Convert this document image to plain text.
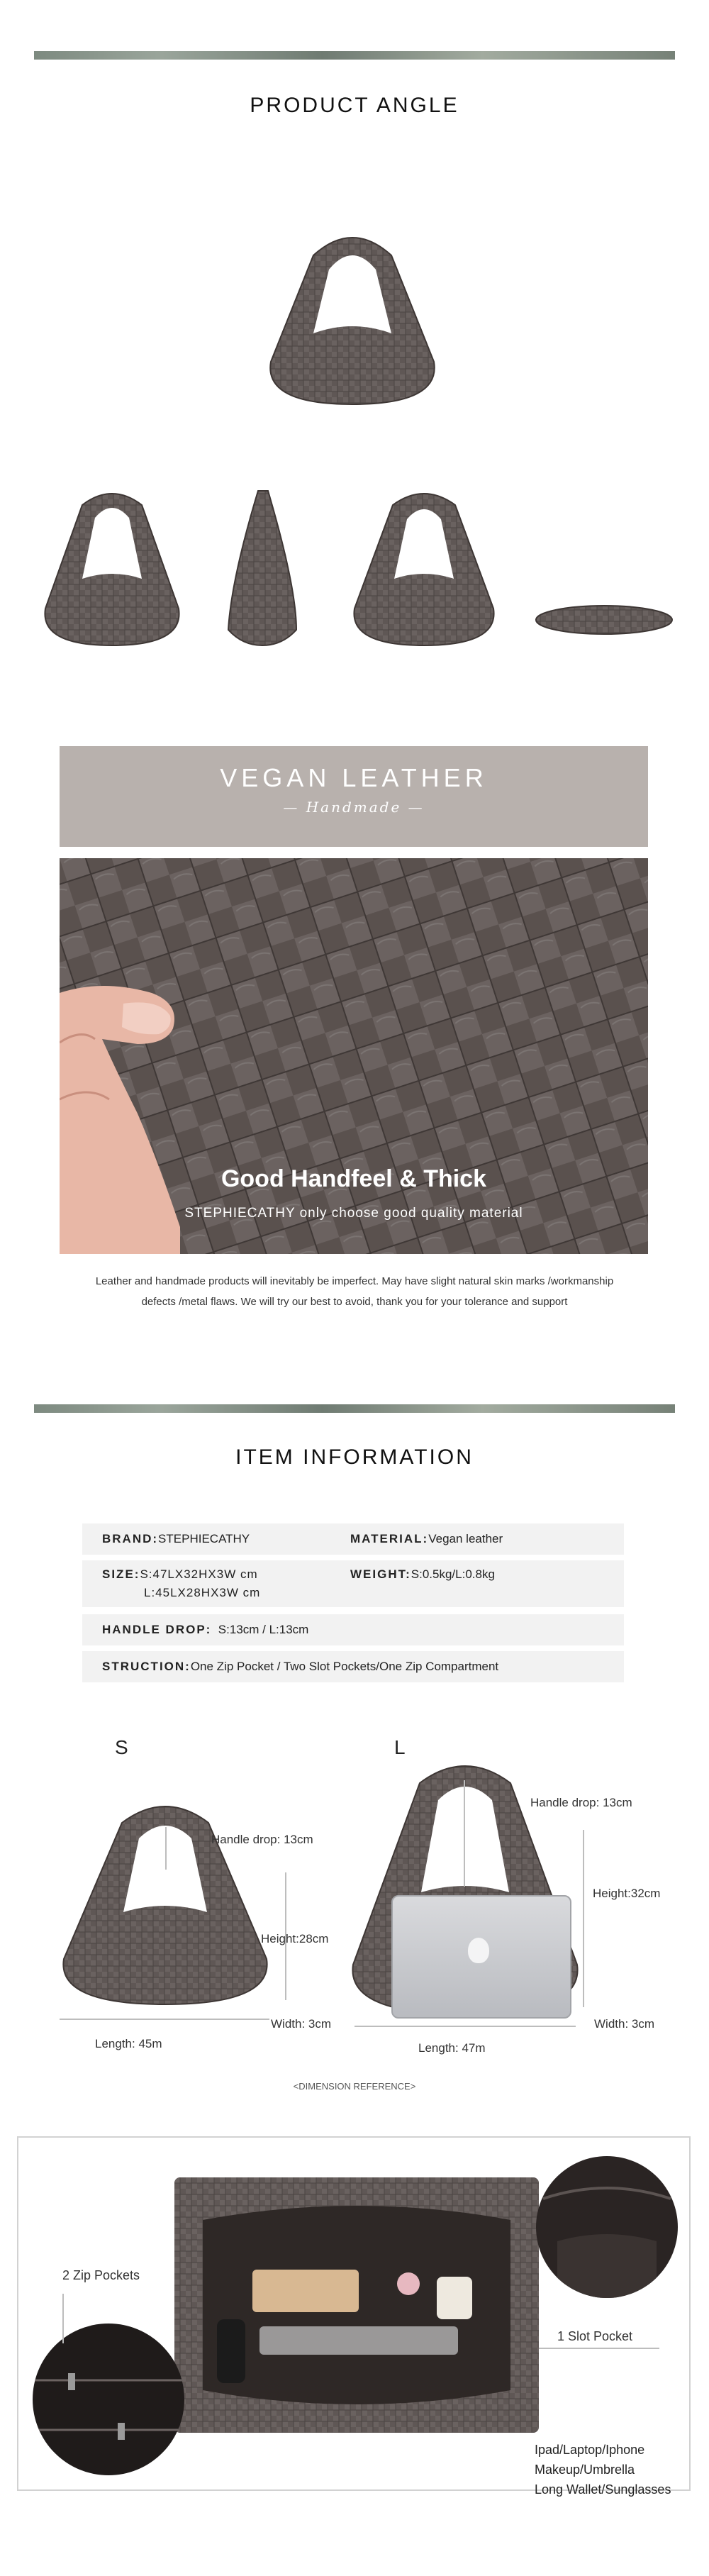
PRODUCT ANGLE
VEGAN LEATHER
— Handmade —
Good Handfeel & Thick
STEPHIECATHY only choose good quality material
Leather and handmade products will inevitably be imperfect. May have slight natural skin marks /workmanship
defects /metal flaws. We will try our best to avoid, thank you for your tolerance and support
ITEM INFORMATION
BRAND:STEPHIECATHY	MATERIAL:Vegan leather
SIZE:S:47LX32HX3W cm
L:45LX28HX3W cm
WEIGHT:S:0.5kg/L:0.8kg
HANDLE DROP: S:13cm / L:13cm
STRUCTION:One Zip Pocket / Two Slot Pockets/One Zip Compartment
S	L
Handle drop: 13cm
Height:28cm
Length: 45m
Width: 3cm
Handle drop: 13cm
Height:32cm
Length: 47m
Width: 3cm
<DIMENSION REFERENCE>
2 Zip Pockets
1 Slot Pocket
Ipad/Laptop/Iphone
Makeup/Umbrella
Long Wallet/Sunglasses
